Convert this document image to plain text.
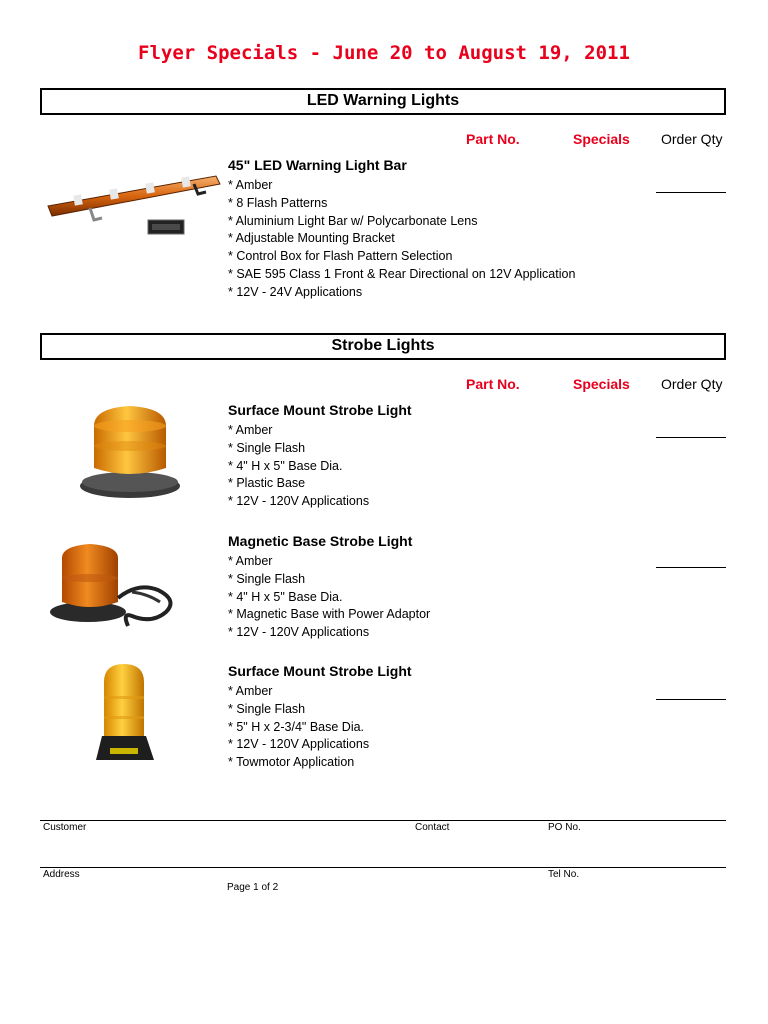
Flyer Specials - June 20 to August 19, 2011
LED Warning Lights
Part No.	Specials Order Qty
45" LED Warning Light Bar
* Amber
* 8 Flash Patterns
* Aluminium Light Bar w/ Polycarbonate Lens
* Adjustable Mounting Bracket
* Control Box for Flash Pattern Selection
* SAE 595 Class 1 Front & Rear Directional on 12V Application
* 12V - 24V Applications
Strobe Lights
Part No.	Specials Order Qty
Surface Mount Strobe Light
* Amber
* Single Flash
* 4" H x 5" Base Dia.
* Plastic Base
* 12V - 120V Applications
Magnetic Base Strobe Light
* Amber
* Single Flash
* 4" H x 5" Base Dia.
* Magnetic Base with Power Adaptor
* 12V - 120V Applications
Surface Mount Strobe Light
* Amber
* Single Flash
* 5" H x 2-3/4" Base Dia.
* 12V - 120V Applications
* Towmotor Application
Customer	Contact	PO No.
Address	Tel No.
Page 1 of 2
